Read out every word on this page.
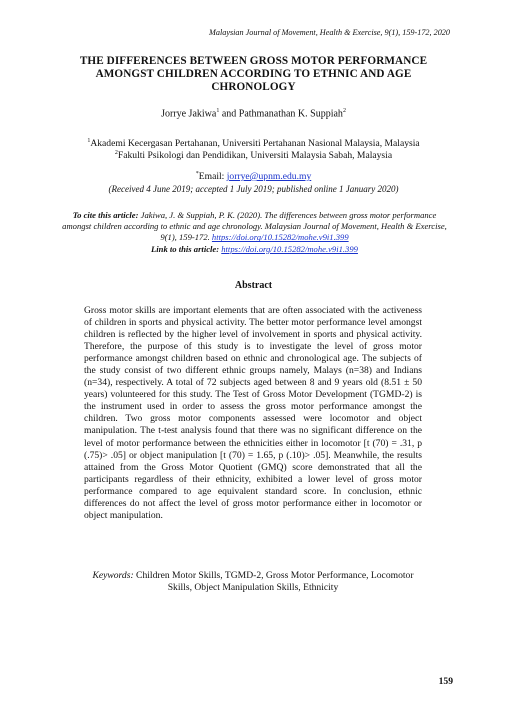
Malaysian Journal of Movement, Health & Exercise, 9(1), 159-172, 2020
THE DIFFERENCES BETWEEN GROSS MOTOR PERFORMANCE AMONGST CHILDREN ACCORDING TO ETHNIC AND AGE CHRONOLOGY
Jorrye Jakiwa$^1$ and Pathmanathan K. Suppiah$^2$
$^1$Akademi Kecergasan Pertahanan, Universiti Pertahanan Nasional Malaysia, Malaysia
$^2$Fakulti Psikologi dan Pendidikan, Universiti Malaysia Sabah, Malaysia
*Email: jorrye@upnm.edu.my
(Received 4 June 2019; accepted 1 July 2019; published online 1 January 2020)
To cite this article: Jakiwa, J. & Suppiah, P. K. (2020). The differences between gross motor performance amongst children according to ethnic and age chronology. Malaysian Journal of Movement, Health & Exercise, 9(1), 159-172. https://doi.org/10.15282/mohe.v9i1.399
Link to this article: https://doi.org/10.15282/mohe.v9i1.399
Abstract
Gross motor skills are important elements that are often associated with the activeness of children in sports and physical activity. The better motor performance level amongst children is reflected by the higher level of involvement in sports and physical activity. Therefore, the purpose of this study is to investigate the level of gross motor performance amongst children based on ethnic and chronological age. The subjects of the study consist of two different ethnic groups namely, Malays (n=38) and Indians (n=34), respectively. A total of 72 subjects aged between 8 and 9 years old (8.51 ± 50 years) volunteered for this study. The Test of Gross Motor Development (TGMD-2) is the instrument used in order to assess the gross motor performance amongst the children. Two gross motor components assessed were locomotor and object manipulation. The t-test analysis found that there was no significant difference on the level of motor performance between the ethnicities either in locomotor [t (70) = .31, p (.75)> .05] or object manipulation [t (70) = 1.65, p (.10)> .05]. Meanwhile, the results attained from the Gross Motor Quotient (GMQ) score demonstrated that all the participants regardless of their ethnicity, exhibited a lower level of gross motor performance compared to age equivalent standard score. In conclusion, ethnic differences do not affect the level of gross motor performance either in locomotor or object manipulation.
Keywords: Children Motor Skills, TGMD-2, Gross Motor Performance, Locomotor Skills, Object Manipulation Skills, Ethnicity
159
